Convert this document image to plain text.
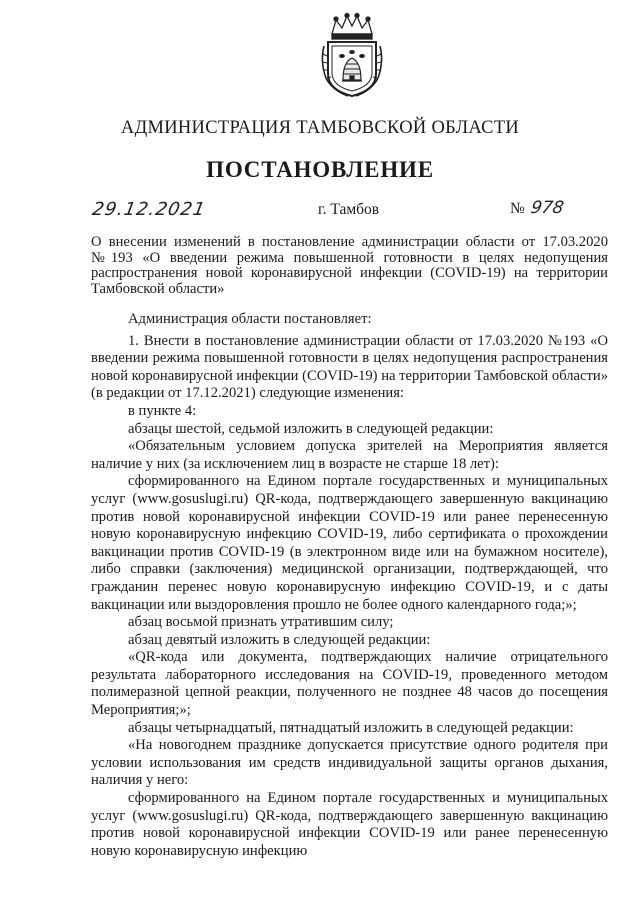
АДМИНИСТРАЦИЯ ТАМБОВСКОЙ ОБЛАСТИ
ПОСТАНОВЛЕНИЕ
29.12.2021	г. Тамбов	№ 978
О внесении изменений в постановление администрации области от 17.03.2020 №193 «О введении режима повышенной готовности в целях недопущения распространения новой коронавирусной инфекции (COVID-19) на территории Тамбовской области»

Администрация области постановляет:

1. Внести в постановление администрации области от 17.03.2020 №193 «О введении режима повышенной готовности в целях недопущения распространения новой коронавирусной инфекции (COVID-19) на территории Тамбовской области» (в редакции от 17.12.2021) следующие изменения:

в пункте 4:

абзацы шестой, седьмой изложить в следующей редакции:

«Обязательным условием допуска зрителей на Мероприятия является наличие у них (за исключением лиц в возрасте не старше 18 лет):

сформированного на Едином портале государственных и муниципальных услуг (www.gosuslugi.ru) QR-кода, подтверждающего завершенную вакцинацию против новой коронавирусной инфекции COVID-19 или ранее перенесенную новую коронавирусную инфекцию COVID-19, либо сертификата о прохождении вакцинации против COVID-19 (в электронном виде или на бумажном носителе), либо справки (заключения) медицинской организации, подтверждающей, что гражданин перенес новую коронавирусную инфекцию COVID-19, и с даты вакцинации или выздоровления прошло не более одного календарного года;»;

абзац восьмой признать утратившим силу;

абзац девятый изложить в следующей редакции:

«QR-кода или документа, подтверждающих наличие отрицательного результата лабораторного исследования на COVID-19, проведенного методом полимеразной цепной реакции, полученного не позднее 48 часов до посещения Мероприятия;»;

абзацы четырнадцатый, пятнадцатый изложить в следующей редакции:

«На новогоднем празднике допускается присутствие одного родителя при условии использования им средств индивидуальной защиты органов дыхания, наличия у него:

сформированного на Едином портале государственных и муниципальных услуг (www.gosuslugi.ru) QR-кода, подтверждающего завершенную вакцинацию против новой коронавирусной инфекции COVID-19 или ранее перенесенную новую коронавирусную инфекцию
